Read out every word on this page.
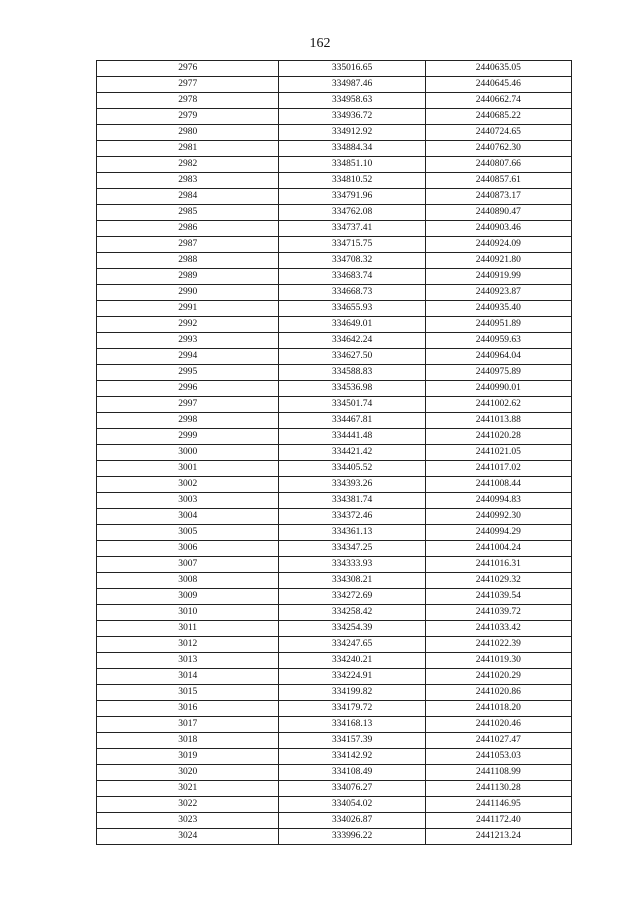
162
2976	335016.65	2440635.05
2977	334987.46	2440645.46
2978	334958.63	2440662.74
2979	334936.72	2440685.22
2980	334912.92	2440724.65
2981	334884.34	2440762.30
2982	334851.10	2440807.66
2983	334810.52	2440857.61
2984	334791.96	2440873.17
2985	334762.08	2440890.47
2986	334737.41	2440903.46
2987	334715.75	2440924.09
2988	334708.32	2440921.80
2989	334683.74	2440919.99
2990	334668.73	2440923.87
2991	334655.93	2440935.40
2992	334649.01	2440951.89
2993	334642.24	2440959.63
2994	334627.50	2440964.04
2995	334588.83	2440975.89
2996	334536.98	2440990.01
2997	334501.74	2441002.62
2998	334467.81	2441013.88
2999	334441.48	2441020.28
3000	334421.42	2441021.05
3001	334405.52	2441017.02
3002	334393.26	2441008.44
3003	334381.74	2440994.83
3004	334372.46	2440992.30
3005	334361.13	2440994.29
3006	334347.25	2441004.24
3007	334333.93	2441016.31
3008	334308.21	2441029.32
3009	334272.69	2441039.54
3010	334258.42	2441039.72
3011	334254.39	2441033.42
3012	334247.65	2441022.39
3013	334240.21	2441019.30
3014	334224.91	2441020.29
3015	334199.82	2441020.86
3016	334179.72	2441018.20
3017	334168.13	2441020.46
3018	334157.39	2441027.47
3019	334142.92	2441053.03
3020	334108.49	2441108.99
3021	334076.27	2441130.28
3022	334054.02	2441146.95
3023	334026.87	2441172.40
3024	333996.22	2441213.24
